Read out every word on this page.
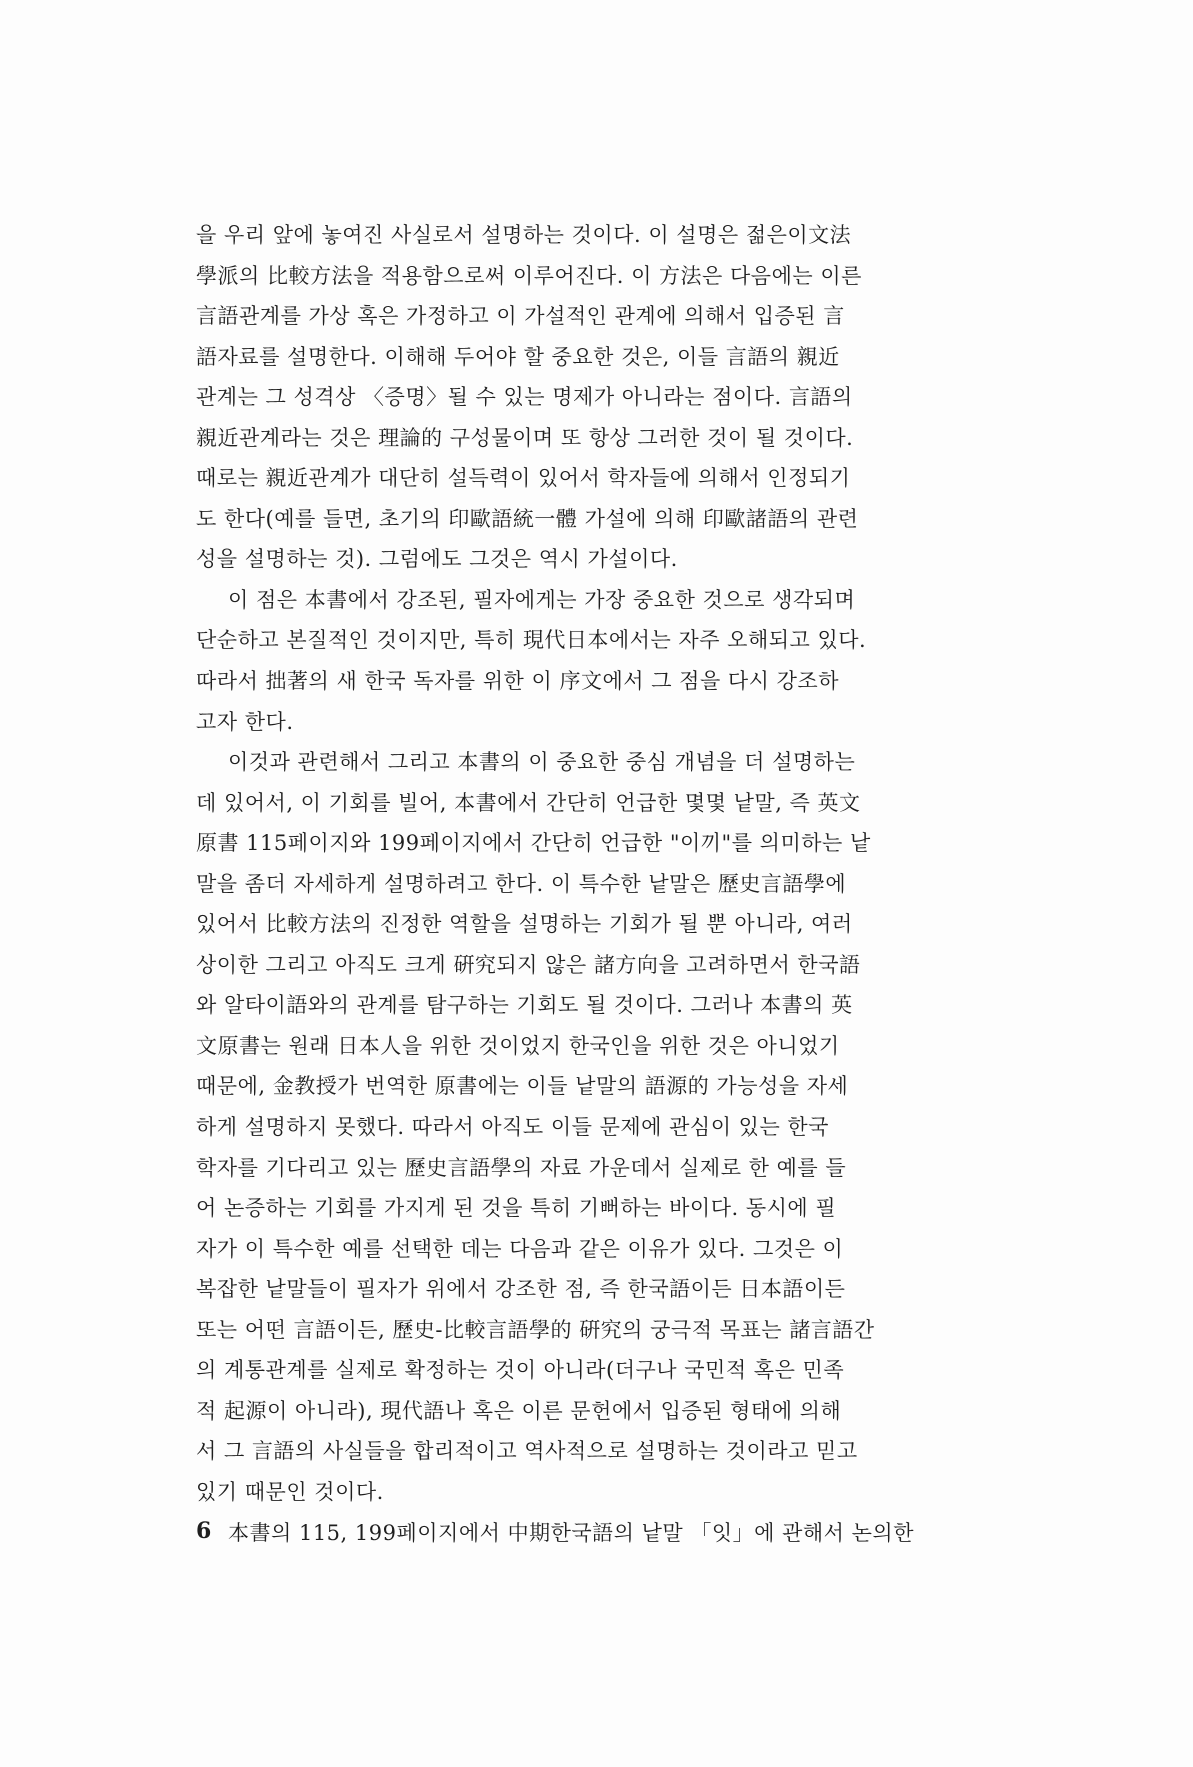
을 우리 앞에 놓여진 사실로서 설명하는 것이다. 이 설명은 젊은이文法
學派의 比較方法을 적용함으로써 이루어진다. 이 方法은 다음에는 이른
言語관계를 가상 혹은 가정하고 이 가설적인 관계에 의해서 입증된 言
語자료를 설명한다. 이해해 두어야 할 중요한 것은, 이들 言語의 親近
관계는 그 성격상 〈증명〉될 수 있는 명제가 아니라는 점이다. 言語의
親近관계라는 것은 理論的 구성물이며 또 항상 그러한 것이 될 것이다.
때로는 親近관계가 대단히 설득력이 있어서 학자들에 의해서 인정되기
도 한다(예를 들면, 초기의 印歐語統一體 가설에 의해 印歐諸語의 관련
성을 설명하는 것). 그럼에도 그것은 역시 가설이다.
이 점은 本書에서 강조된, 필자에게는 가장 중요한 것으로 생각되며
단순하고 본질적인 것이지만, 특히 現代日本에서는 자주 오해되고 있다.
따라서 拙著의 새 한국 독자를 위한 이 序文에서 그 점을 다시 강조하
고자 한다.
이것과 관련해서 그리고 本書의 이 중요한 중심 개념을 더 설명하는
데 있어서, 이 기회를 빌어, 本書에서 간단히 언급한 몇몇 낱말, 즉 英文
原書 115페이지와 199페이지에서 간단히 언급한 "이끼"를 의미하는 낱
말을 좀더 자세하게 설명하려고 한다. 이 특수한 낱말은 歷史言語學에
있어서 比較方法의 진정한 역할을 설명하는 기회가 될 뿐 아니라, 여러
상이한 그리고 아직도 크게 硏究되지 않은 諸方向을 고려하면서 한국語
와 알타이語와의 관계를 탐구하는 기회도 될 것이다. 그러나 本書의 英
文原書는 원래 日本人을 위한 것이었지 한국인을 위한 것은 아니었기
때문에, 金教授가 번역한 原書에는 이들 낱말의 語源的 가능성을 자세
하게 설명하지 못했다. 따라서 아직도 이들 문제에 관심이 있는 한국
학자를 기다리고 있는 歷史言語學의 자료 가운데서 실제로 한 예를 들
어 논증하는 기회를 가지게 된 것을 특히 기뻐하는 바이다. 동시에 필
자가 이 특수한 예를 선택한 데는 다음과 같은 이유가 있다. 그것은 이
복잡한 낱말들이 필자가 위에서 강조한 점, 즉 한국語이든 日本語이든
또는 어떤 言語이든, 歷史-比較言語學的 硏究의 궁극적 목표는 諸言語간
의 계통관계를 실제로 확정하는 것이 아니라(더구나 국민적 혹은 민족
적 起源이 아니라), 現代語나 혹은 이른 문헌에서 입증된 형태에 의해
서 그 言語의 사실들을 합리적이고 역사적으로 설명하는 것이라고 믿고
있기 때문인 것이다.
本書의 115, 199페이지에서 中期한국語의 낱말 「잇」에 관해서 논의한
6
